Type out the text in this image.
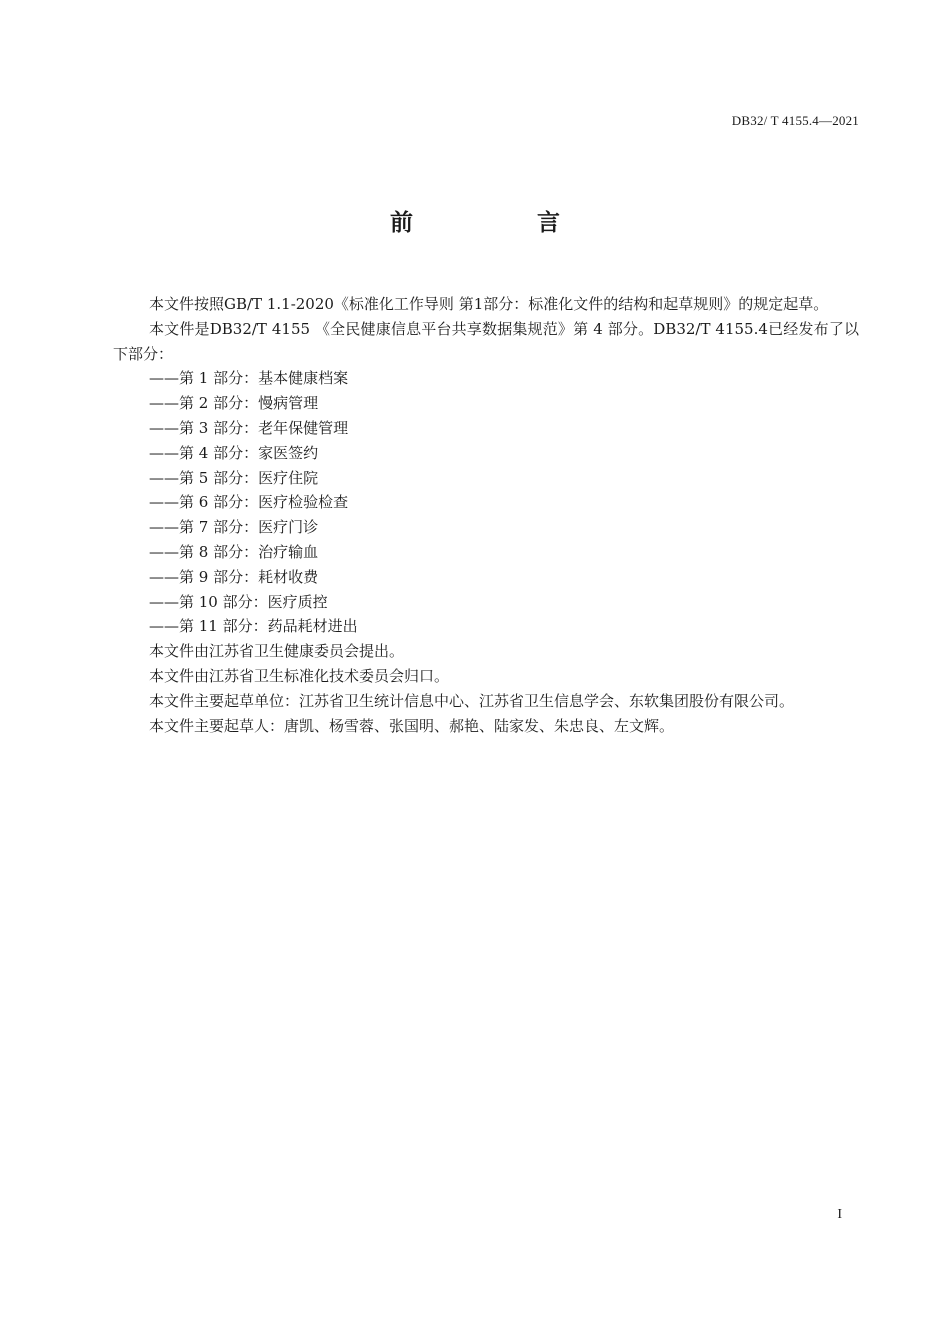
DB32/ T 4155.4—2021
前 言

本文件按照GB/T 1.1-2020《标准化工作导则 第1部分：标准化文件的结构和起草规则》的规定起草。

本文件是DB32/T 4155 《全民健康信息平台共享数据集规范》第 4 部分。DB32/T 4155.4已经发布了以下部分：

——第 1 部分：基本健康档案

——第 2 部分：慢病管理

——第 3 部分：老年保健管理

——第 4 部分：家医签约

——第 5 部分：医疗住院

——第 6 部分：医疗检验检查

——第 7 部分：医疗门诊

——第 8 部分：治疗输血

——第 9 部分：耗材收费

——第 10 部分：医疗质控

——第 11 部分：药品耗材进出

本文件由江苏省卫生健康委员会提出。

本文件由江苏省卫生标准化技术委员会归口。

本文件主要起草单位：江苏省卫生统计信息中心、江苏省卫生信息学会、东软集团股份有限公司。

本文件主要起草人：唐凯、杨雪蓉、张国明、郝艳、陆家发、朱忠良、左文辉。

I
